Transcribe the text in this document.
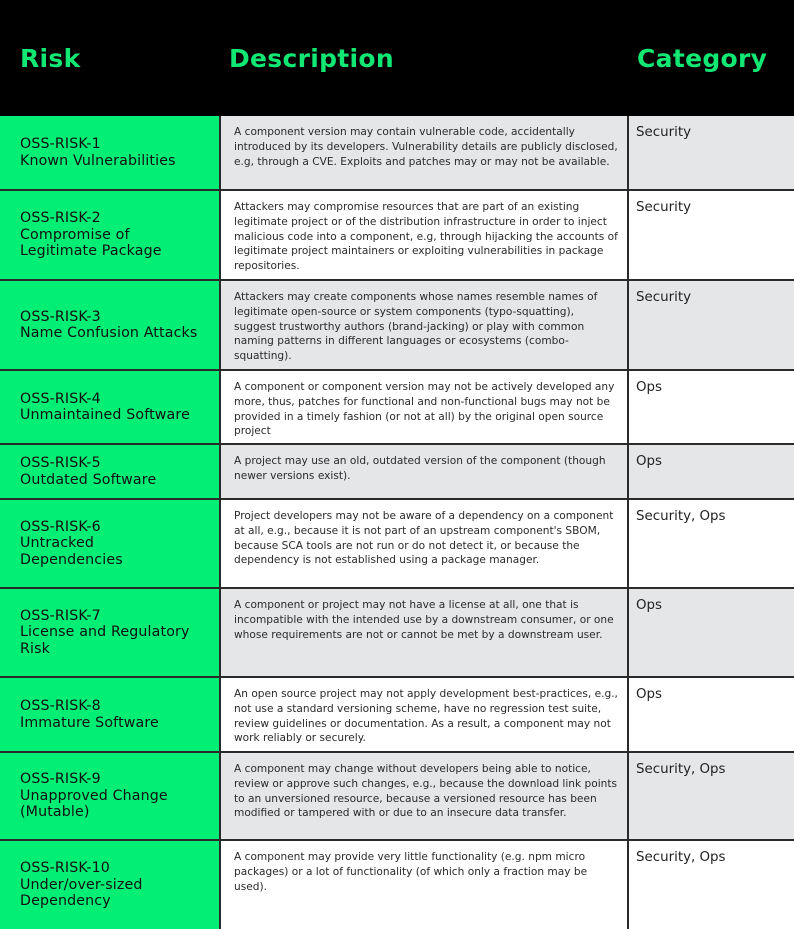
Risk	Description	Category
OSS-RISK-1
Known Vulnerabilities
A component version may contain vulnerable code, accidentally introduced by its developers. Vulnerability details are publicly disclosed, e.g, through a CVE. Exploits and patches may or may not be available.
Security
OSS-RISK-2
Compromise of Legitimate Package
Attackers may compromise resources that are part of an existing legitimate project or of the distribution infrastructure in order to inject malicious code into a component, e.g, through hijacking the accounts of legitimate project maintainers or exploiting vulnerabilities in package repositories.
Security
OSS-RISK-3
Name Confusion Attacks
Attackers may create components whose names resemble names of legitimate open-source or system components (typo-squatting), suggest trustworthy authors (brand-jacking) or play with common naming patterns in different languages or ecosystems (combo-squatting).
Security
OSS-RISK-4
Unmaintained Software
A component or component version may not be actively developed any more, thus, patches for functional and non-functional bugs may not be provided in a timely fashion (or not at all) by the original open source project
Ops
OSS-RISK-5
Outdated Software
A project may use an old, outdated version of the component (though newer versions exist).
Ops
OSS-RISK-6
Untracked Dependencies
Project developers may not be aware of a dependency on a component at all, e.g., because it is not part of an upstream component's SBOM, because SCA tools are not run or do not detect it, or because the dependency is not established using a package manager.
Security, Ops
OSS-RISK-7
License and Regulatory Risk
A component or project may not have a license at all, one that is incompatible with the intended use by a downstream consumer, or one whose requirements are not or cannot be met by a downstream user.
Ops
OSS-RISK-8
Immature Software
An open source project may not apply development best-practices, e.g., not use a standard versioning scheme, have no regression test suite, review guidelines or documentation. As a result, a component may not work reliably or securely.
Ops
OSS-RISK-9
Unapproved Change (Mutable)
A component may change without developers being able to notice, review or approve such changes, e.g., because the download link points to an unversioned resource, because a versioned resource has been modified or tampered with or due to an insecure data transfer.
Security, Ops
OSS-RISK-10
Under/over-sized Dependency
A component may provide very little functionality (e.g. npm micro packages) or a lot of functionality (of which only a fraction may be used).
Security, Ops
